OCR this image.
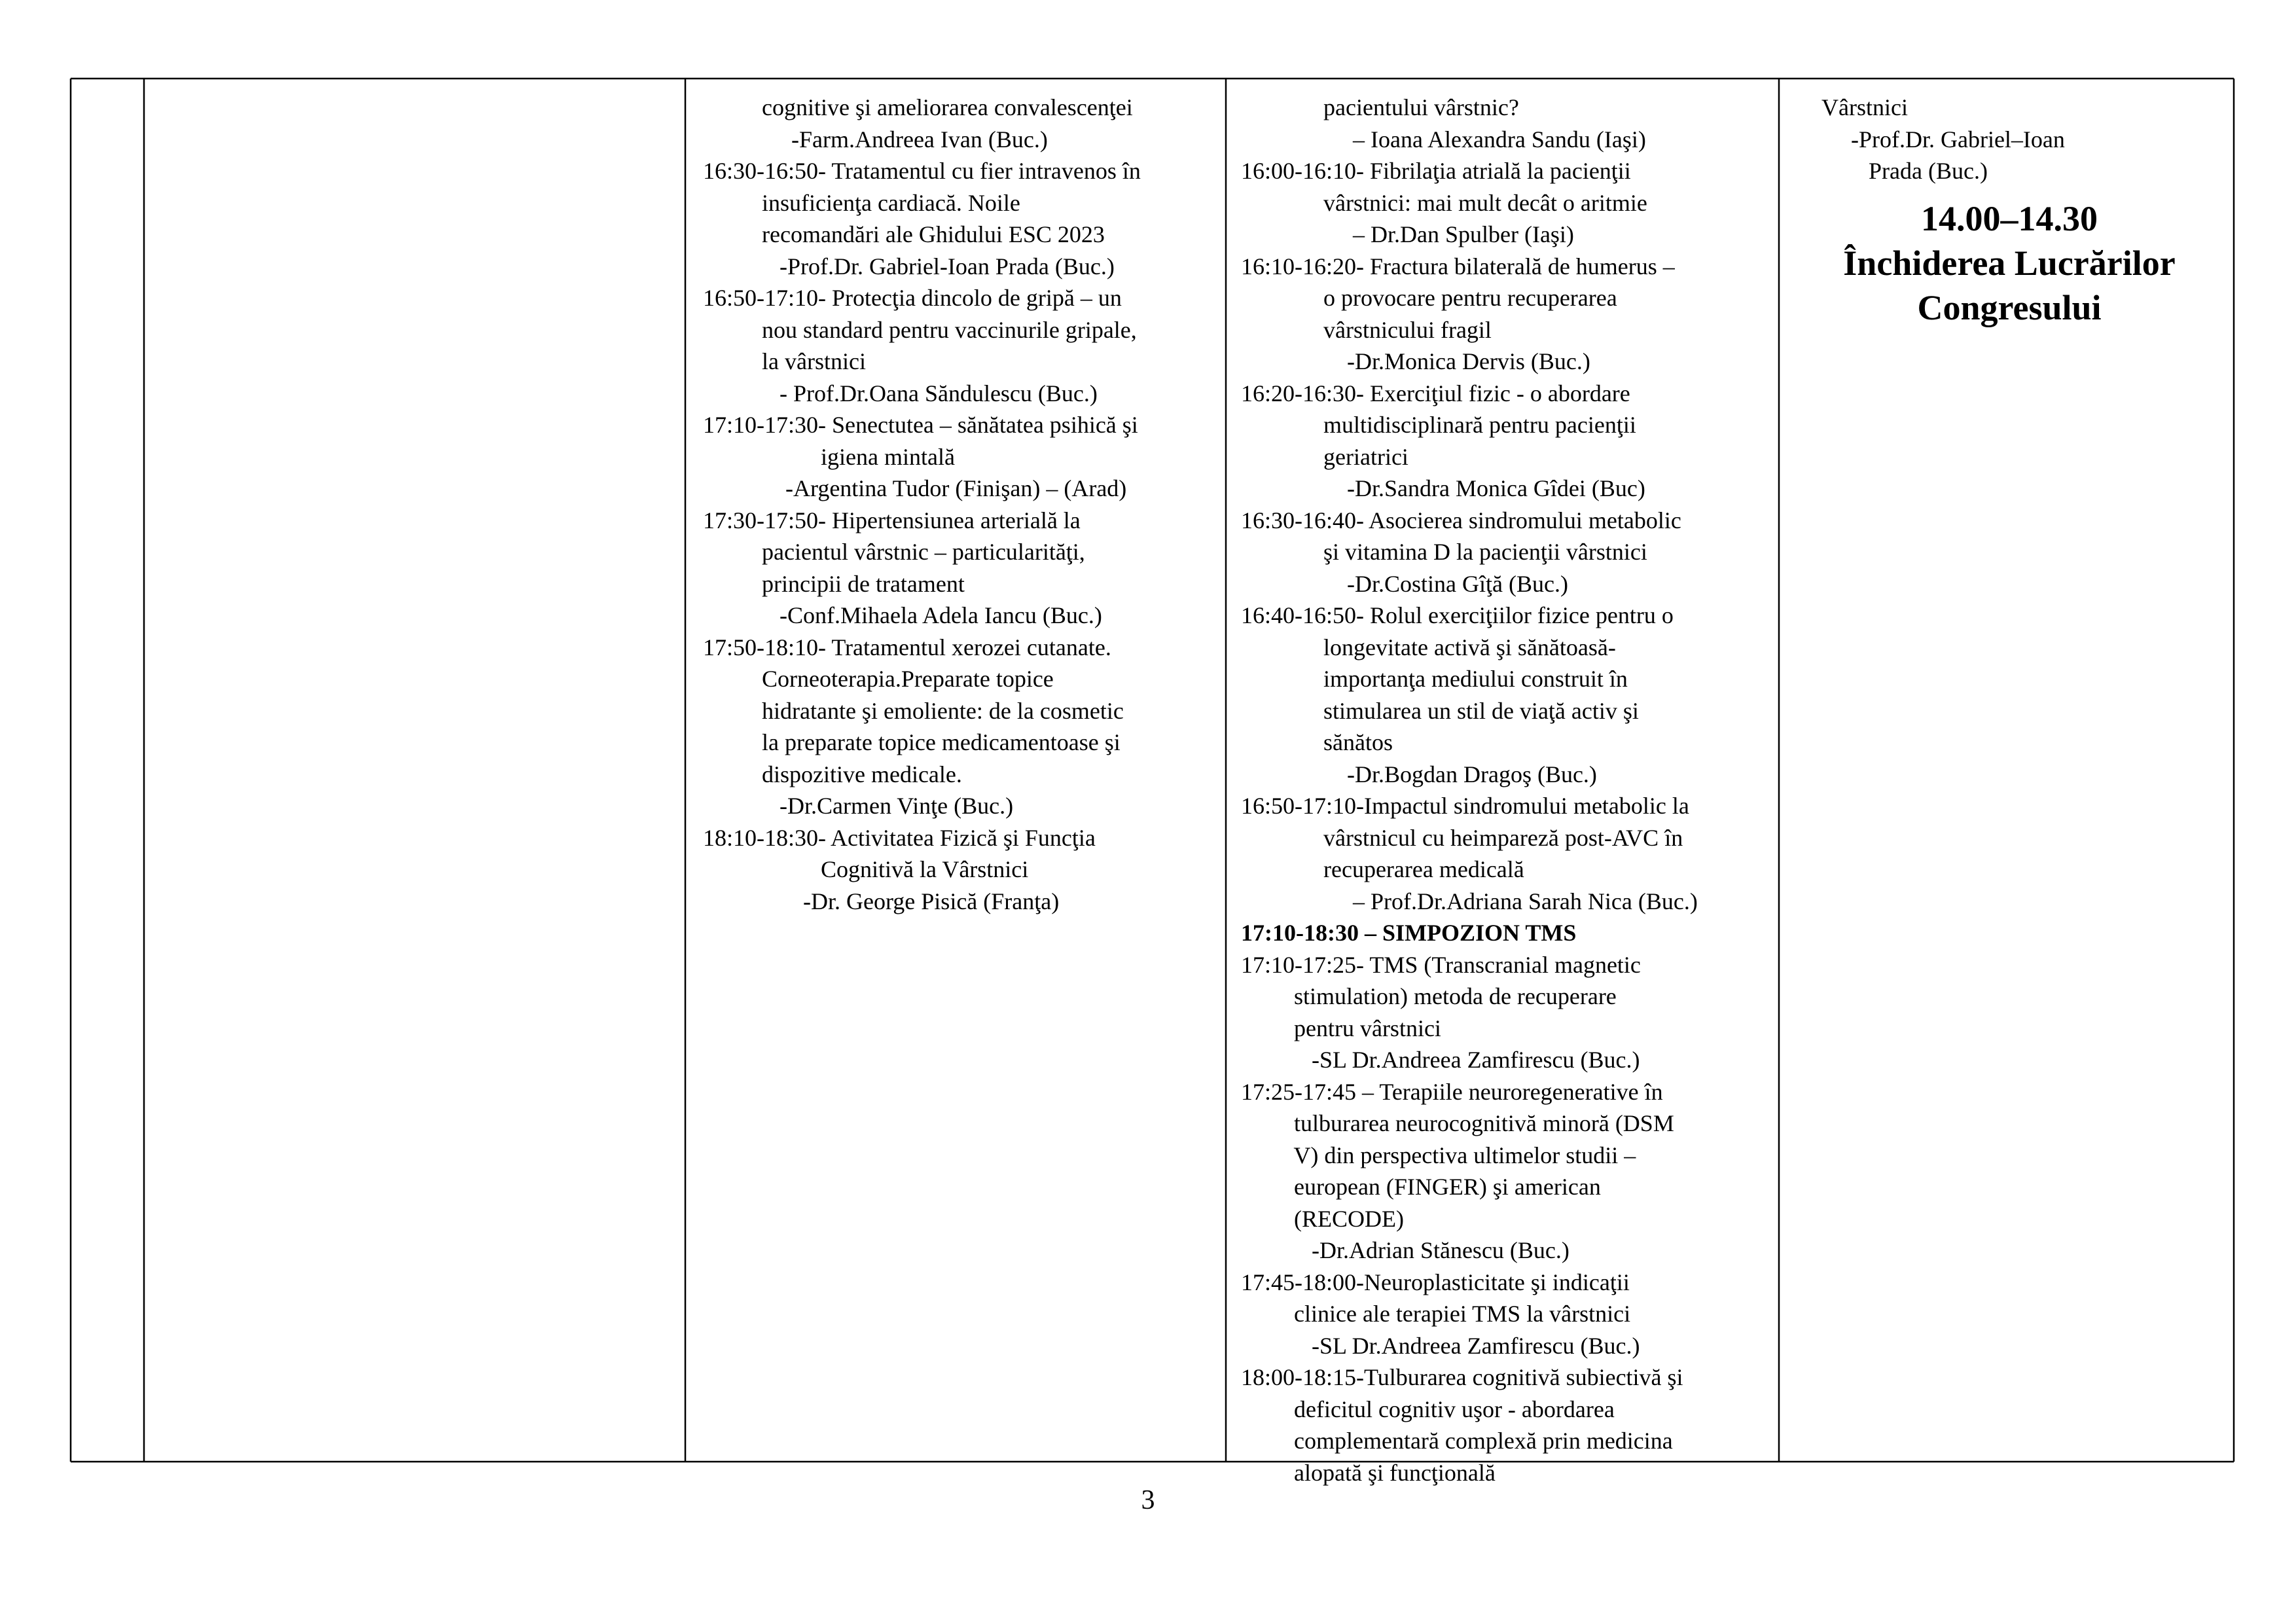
cognitive şi ameliorarea convalescenţei
-Farm.Andreea Ivan (Buc.)
16:30-16:50- Tratamentul cu fier intravenos în
insuficienţa cardiacă. Noile
recomandări ale Ghidului ESC 2023
-Prof.Dr. Gabriel-Ioan Prada (Buc.)
16:50-17:10- Protecţia dincolo de gripă – un
nou standard pentru vaccinurile gripale,
la vârstnici
- Prof.Dr.Oana Săndulescu (Buc.)
17:10-17:30- Senectutea – sănătatea psihică şi
igiena mintală
-Argentina Tudor (Finişan) – (Arad)
17:30-17:50- Hipertensiunea arterială la
pacientul vârstnic – particularităţi,
principii de tratament
-Conf.Mihaela Adela Iancu (Buc.)
17:50-18:10- Tratamentul xerozei cutanate.
Corneoterapia.Preparate topice
hidratante şi emoliente: de la cosmetic
la preparate topice medicamentoase şi
dispozitive medicale.
-Dr.Carmen Vinţe (Buc.)
18:10-18:30- Activitatea Fizică şi Funcţia
Cognitivă la Vârstnici
-Dr. George Pisică (Franţa)
pacientului vârstnic?
– Ioana Alexandra Sandu (Iaşi)
16:00-16:10- Fibrilaţia atrială la pacienţii
vârstnici: mai mult decât o aritmie
– Dr.Dan Spulber (Iaşi)
16:10-16:20- Fractura bilaterală de humerus –
o provocare pentru recuperarea
vârstnicului fragil
-Dr.Monica Dervis (Buc.)
16:20-16:30- Exerciţiul fizic - o abordare
multidisciplinară pentru pacienţii
geriatrici
-Dr.Sandra Monica Gîdei (Buc)
16:30-16:40- Asocierea sindromului metabolic
şi vitamina D la pacienţii vârstnici
-Dr.Costina Gîţă (Buc.)
16:40-16:50- Rolul exerciţiilor fizice pentru o
longevitate activă şi sănătoasă-
importanţa mediului construit în
stimularea un stil de viaţă activ şi
sănătos
-Dr.Bogdan Dragoş (Buc.)
16:50-17:10-Impactul sindromului metabolic la
vârstnicul cu heimpareză post-AVC în
recuperarea medicală
– Prof.Dr.Adriana Sarah Nica (Buc.)
17:10-18:30 – SIMPOZION TMS
17:10-17:25- TMS (Transcranial magnetic
stimulation) metoda de recuperare
pentru vârstnici
-SL Dr.Andreea Zamfirescu (Buc.)
17:25-17:45 – Terapiile neuroregenerative în
tulburarea neurocognitivă minoră (DSM
V) din perspectiva ultimelor studii –
european (FINGER) şi american
(RECODE)
-Dr.Adrian Stănescu (Buc.)
17:45-18:00-Neuroplasticitate şi indicaţii
clinice ale terapiei TMS la vârstnici
-SL Dr.Andreea Zamfirescu (Buc.)
18:00-18:15-Tulburarea cognitivă subiectivă şi
deficitul cognitiv uşor - abordarea
complementară complexă prin medicina
alopată şi funcţională
Vârstnici
-Prof.Dr. Gabriel–Ioan
Prada (Buc.)
14.00–14.30
Închiderea Lucrărilor
Congresului
3
